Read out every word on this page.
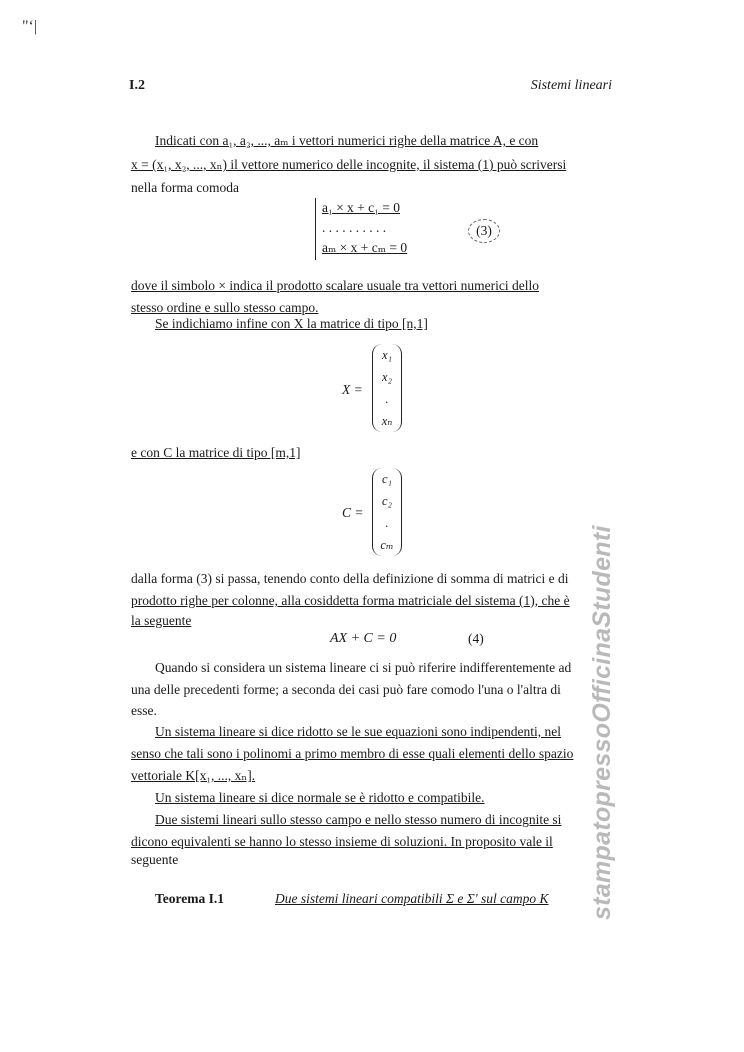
"‘|
I.2	Sistemi lineari
Indicati con a₁, a₂, ..., aₘ i vettori numerici righe della matrice A, e con
x = (x₁, x₂, ..., xₙ) il vettore numerico delle incognite, il sistema (1) può scriversi
nella forma comoda
a₁ × x + c₁ = 0
. . . . . . . . . .
aₘ × x + cₘ = 0
(3)
dove il simbolo × indica il prodotto scalare usuale tra vettori numerici dello
stesso ordine e sullo stesso campo.
Se indichiamo infine con X la matrice di tipo [n,1]
X =
x₁
x₂
.
xₙ
e con C la matrice di tipo [m,1]
C =
c₁
c₂
.
cₘ
dalla forma (3) si passa, tenendo conto della definizione di somma di matrici e di
prodotto righe per colonne, alla cosiddetta forma matriciale del sistema (1), che è
la seguente
AX + C = 0	(4)
Quando si considera un sistema lineare ci si può riferire indifferentemente ad
una delle precedenti forme; a seconda dei casi può fare comodo l'una o l'altra di
esse.
Un sistema lineare si dice ridotto se le sue equazioni sono indipendenti, nel
senso che tali sono i polinomi a primo membro di esse quali elementi dello spazio
vettoriale K[x₁, ..., xₙ].
Un sistema lineare si dice normale se è ridotto e compatibile.
Due sistemi lineari sullo stesso campo e nello stesso numero di incognite si
dicono equivalenti se hanno lo stesso insieme di soluzioni. In proposito vale il
seguente
Teorema I.1	Due sistemi lineari compatibili Σ e Σ' sul campo K stampatopressoOfficinaStudenti
